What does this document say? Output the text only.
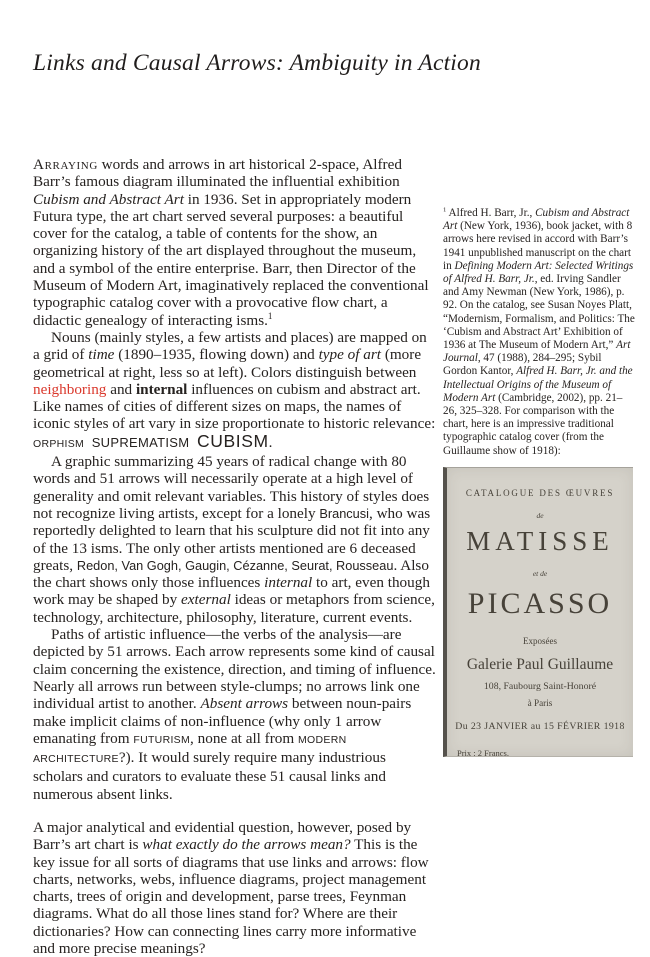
Links and Causal Arrows: Ambiguity in Action

Arraying words and arrows in art historical 2-space, Alfred Barr’s famous diagram illuminated the influential exhibition Cubism and Abstract Art in 1936. Set in appropriately modern Futura type, the art chart served several purposes: a beautiful cover for the catalog, a table of contents for the show, an organizing history of the art displayed throughout the museum, and a symbol of the entire enterprise. Barr, then Director of the Museum of Modern Art, imaginatively replaced the conventional typographic catalog cover with a provocative flow chart, a didactic genealogy of interacting isms.$^1$

Nouns (mainly styles, a few artists and places) are mapped on a grid of time (1890–1935, flowing down) and type of art (more geometrical at right, less so at left). Colors distinguish between neighboring and internal influences on cubism and abstract art. Like names of cities of different sizes on maps, the names of iconic styles of art vary in size proportionate to historic relevance: ORPHISM  SUPREMATISM  CUBISM.

A graphic summarizing 45 years of radical change with 80 words and 51 arrows will necessarily operate at a high level of generality and omit relevant variables. This history of styles does not recognize living artists, except for a lonely Brancusi, who was reportedly delighted to learn that his sculpture did not fit into any of the 13 isms. The only other artists mentioned are 6 deceased greats, Redon, Van Gogh, Gaugin, Cézanne, Seurat, Rousseau. Also the chart shows only those influences internal to art, even though work may be shaped by external ideas or metaphors from science, technology, architecture, philosophy, literature, current events.

Paths of artistic influence—the verbs of the analysis—are depicted by 51 arrows. Each arrow represents some kind of causal claim concerning the existence, direction, and timing of influence. Nearly all arrows run between style-clumps; no arrows link one individual artist to another. Absent arrows between noun-pairs make implicit claims of non-influence (why only 1 arrow emanating from FUTURISM, none at all from MODERN ARCHITECTURE?). It would surely require many industrious scholars and curators to evaluate these 51 causal links and numerous absent links.

A major analytical and evidential question, however, posed by Barr’s art chart is what exactly do the arrows mean? This is the key issue for all sorts of diagrams that use links and arrows: flow charts, networks, webs, influence diagrams, project management charts, trees of origin and development, parse trees, Feynman diagrams. What do all those lines stand for? Where are their dictionaries? How can connecting lines carry more informative and more precise meanings?

$^1$ Alfred H. Barr, Jr., Cubism and Abstract Art (New York, 1936), book jacket, with 8 arrows here revised in accord with Barr’s 1941 unpublished manuscript on the chart in Defining Modern Art: Selected Writings of Alfred H. Barr, Jr., ed. Irving Sandler and Amy Newman (New York, 1986), p. 92. On the catalog, see Susan Noyes Platt, “Modernism, Formalism, and Politics: The ‘Cubism and Abstract Art’ Exhibition of 1936 at The Museum of Modern Art,” Art Journal, 47 (1988), 284–295; Sybil Gordon Kantor, Alfred H. Barr, Jr. and the Intellectual Origins of the Museum of Modern Art (Cambridge, 2002), pp. 21–26, 325–328. For comparison with the chart, here is an impressive traditional typographic catalog cover (from the Guillaume show of 1918):

CATALOGUE DES ŒUVRES
de
MATISSE
et de
PICASSO
Exposées
Galerie Paul Guillaume
108, Faubourg Saint-Honoré
à Paris
Du 23 JANVIER au 15 FÉVRIER 1918
Prix : 2 Francs.
